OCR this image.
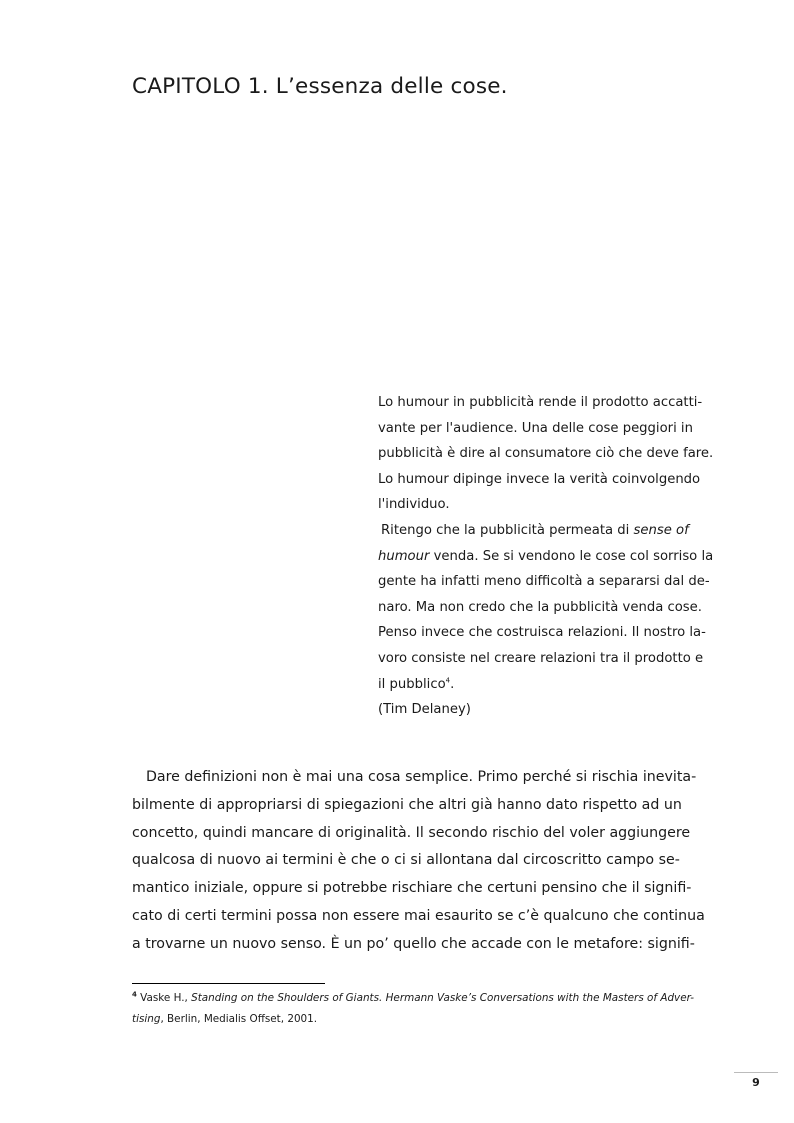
CAPITOLO 1. L’essenza delle cose.
Lo humour in pubblicità rende il prodotto accatti-
vante per l'audience. Una delle cose peggiori in
pubblicità è dire al consumatore ciò che deve fare.
Lo humour dipinge invece la verità coinvolgendo
l'individuo.
Ritengo che la pubblicità permeata di sense of
humour venda. Se si vendono le cose col sorriso la
gente ha infatti meno difficoltà a separarsi dal de-
naro. Ma non credo che la pubblicità venda cose.
Penso invece che costruisca relazioni. Il nostro la-
voro consiste nel creare relazioni tra il prodotto e
il pubblico$^4$.
(Tim Delaney)
Dare definizioni non è mai una cosa semplice. Primo perché si rischia inevita-
bilmente di appropriarsi di spiegazioni che altri già hanno dato rispetto ad un
concetto, quindi mancare di originalità. Il secondo rischio del voler aggiungere
qualcosa di nuovo ai termini è che o ci si allontana dal circoscritto campo se-
mantico iniziale, oppure si potrebbe rischiare che certuni pensino che il signifi-
cato di certi termini possa non essere mai esaurito se c’è qualcuno che continua
a trovarne un nuovo senso. È un po’ quello che accade con le metafore: signifi-
$^4$ Vaske H., Standing on the Shoulders of Giants. Hermann Vaske’s Conversations with the Masters of Adver-
tising, Berlin, Medialis Offset, 2001.
9
